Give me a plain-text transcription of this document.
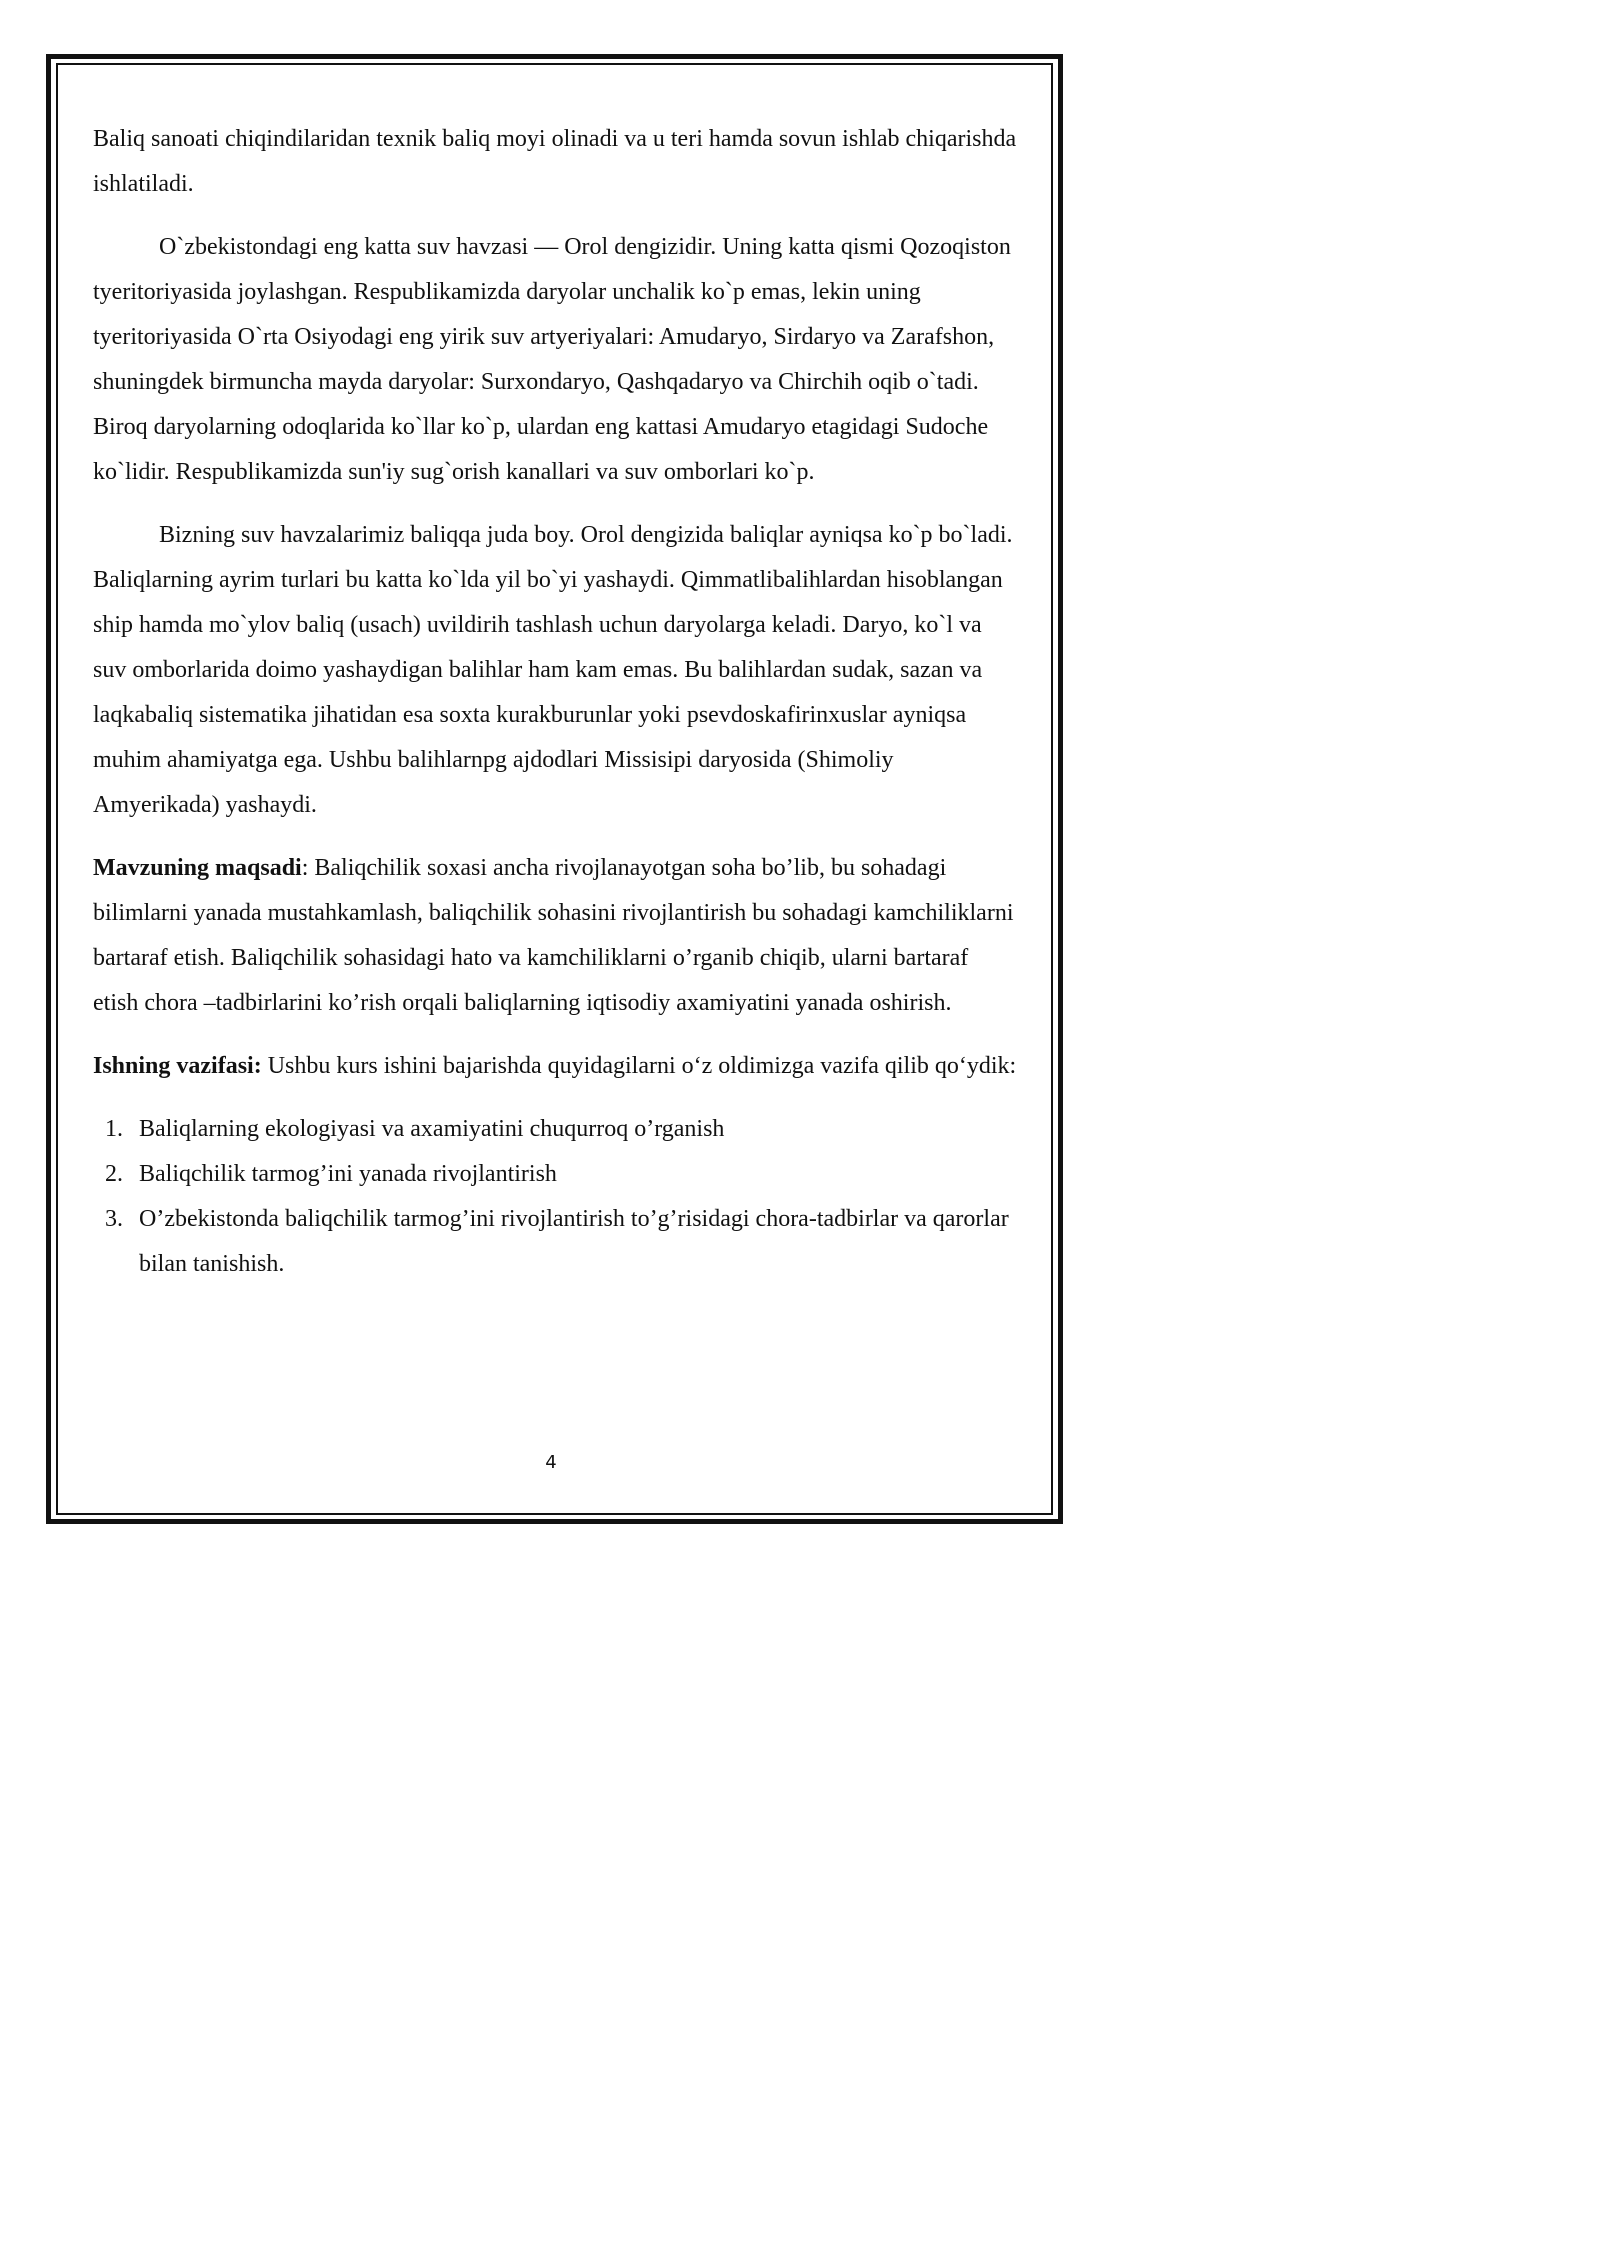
Baliq sanoati chiqindilaridan texnik baliq moyi olinadi va u teri hamda sovun ishlab chiqarishda ishlatiladi.

O`zbekistondagi eng katta suv havzasi — Orol dengizidir. Uning katta qismi Qozoqiston tyeritoriyasida joylashgan. Respublikamizda daryolar unchalik ko`p emas, lekin uning tyeritoriyasida O`rta Osiyodagi eng yirik suv artyeriyalari: Amudaryo, Sirdaryo va Zarafshon, shuningdek birmuncha mayda daryolar: Surxondaryo, Qashqadaryo va Chirchih oqib o`tadi. Biroq daryolarning odoqlarida ko`llar ko`p, ulardan eng kattasi Amudaryo etagidagi Sudoche ko`lidir. Respublikamizda sun'iy sug`orish kanallari va suv omborlari ko`p.

Bizning suv havzalarimiz baliqqa juda boy. Orol dengizida baliqlar ayniqsa ko`p bo`ladi. Baliqlarning ayrim turlari bu katta ko`lda yil bo`yi yashaydi. Qimmatlibalihlardan hisoblangan ship hamda mo`ylov baliq (usach) uvildirih tashlash uchun daryolarga keladi. Daryo, ko`l va suv omborlarida doimo yashaydigan balihlar ham kam emas. Bu balihlardan sudak, sazan va laqkabaliq sistematika jihatidan esa soxta kurakburunlar yoki psevdoskafirinxuslar ayniqsa muhim ahamiyatga ega. Ushbu balihlarnpg ajdodlari Missisipi daryosida (Shimoliy Amyerikada) yashaydi.

Mavzuning maqsadi: Baliqchilik soxasi ancha rivojlanayotgan soha bo’lib, bu sohadagi bilimlarni yanada mustahkamlash, baliqchilik sohasini rivojlantirish bu sohadagi kamchiliklarni bartaraf etish. Baliqchilik sohasidagi hato va kamchiliklarni o’rganib chiqib, ularni bartaraf etish chora –tadbirlarini ko’rish orqali baliqlarning iqtisodiy axamiyatini yanada oshirish.

Ishning vazifasi: Ushbu kurs ishini bajarishda quyidagilarni o‘z oldimizga vazifa qilib qo‘ydik:

1. Baliqlarning ekologiyasi va axamiyatini chuqurroq o’rganish
2. Baliqchilik tarmog’ini yanada rivojlantirish
3. O’zbekistonda baliqchilik tarmog’ini rivojlantirish to’g’risidagi chora-tadbirlar va qarorlar bilan tanishish.
4
